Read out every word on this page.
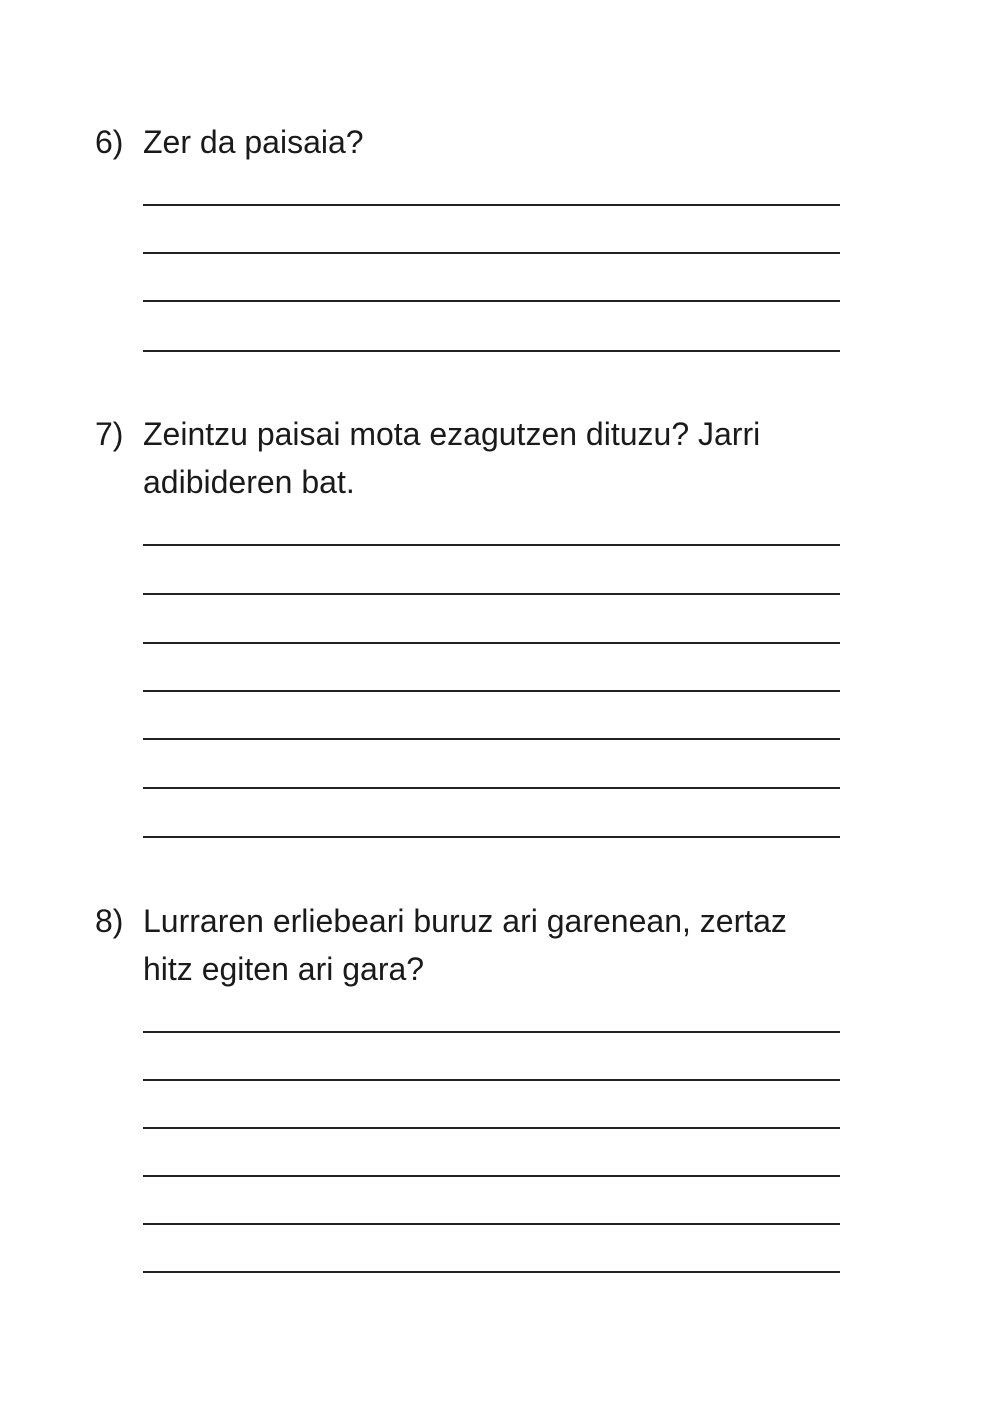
6) Zer da paisaia?
7) Zeintzu paisai mota ezagutzen dituzu? Jarri
adibideren bat.
8) Lurraren erliebeari buruz ari garenean, zertaz
hitz egiten ari gara?
